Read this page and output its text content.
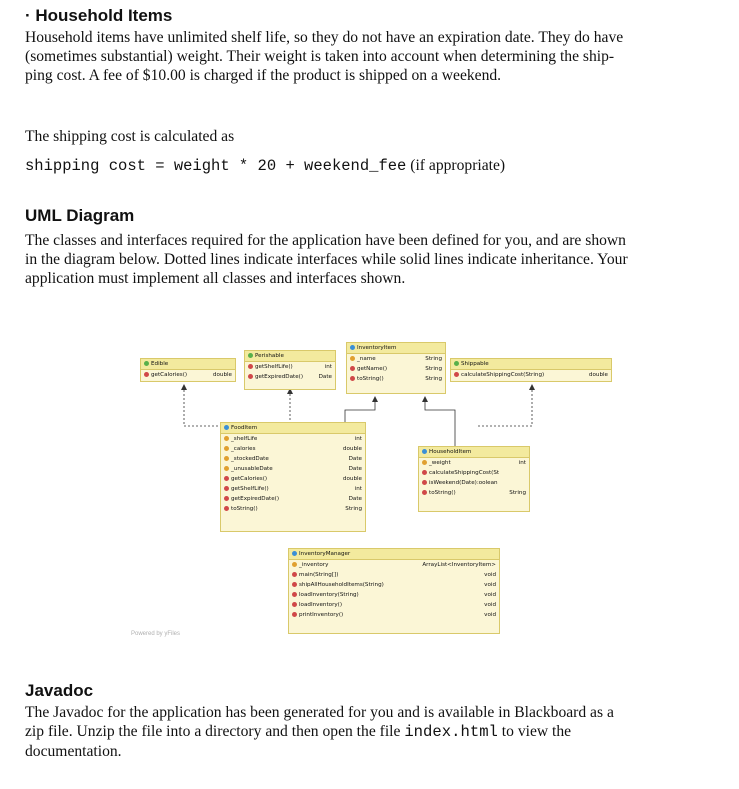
· Household Items
Household items have unlimited shelf life, so they do not have an expiration date. They do have
(sometimes substantial) weight. Their weight is taken into account when determining the ship-
ping cost. A fee of $10.00 is charged if the product is shipped on a weekend.
The shipping cost is calculated as
shipping cost = weight * 20 + weekend_fee (if appropriate)
UML Diagram
The classes and interfaces required for the application have been defined for you, and are shown
in the diagram below. Dotted lines indicate interfaces while solid lines indicate inheritance. Your
application must implement all classes and interfaces shown.
Edible
getCalories()	double
Perishable
getShelfLife()	int
getExpiredDate()	Date
InventoryItem
_name	String
getName()	String
toString()	String
Shippable
calculateShippingCost(String)	double
FoodItem
_shelfLife	int
_calories	double
_stockedDate	Date
_unusableDate	Date
getCalories()	double
getShelfLife()	int
getExpiredDate()	Date
toString()	String
HouseholdItem
_weight	int
calculateShippingCost(St
isWeekend(Date):oolean
toString()	String
InventoryManager
_inventory	ArrayList<InventoryItem>
main(String[])	void
shipAllHouseholdItems(String)	void
loadInventory(String)	void
loadInventory()	void
printInventory()	void
Powered by yFiles
Javadoc
The Javadoc for the application has been generated for you and is available in Blackboard as a
zip file. Unzip the file into a directory and then open the file index.html to view the
documentation.
